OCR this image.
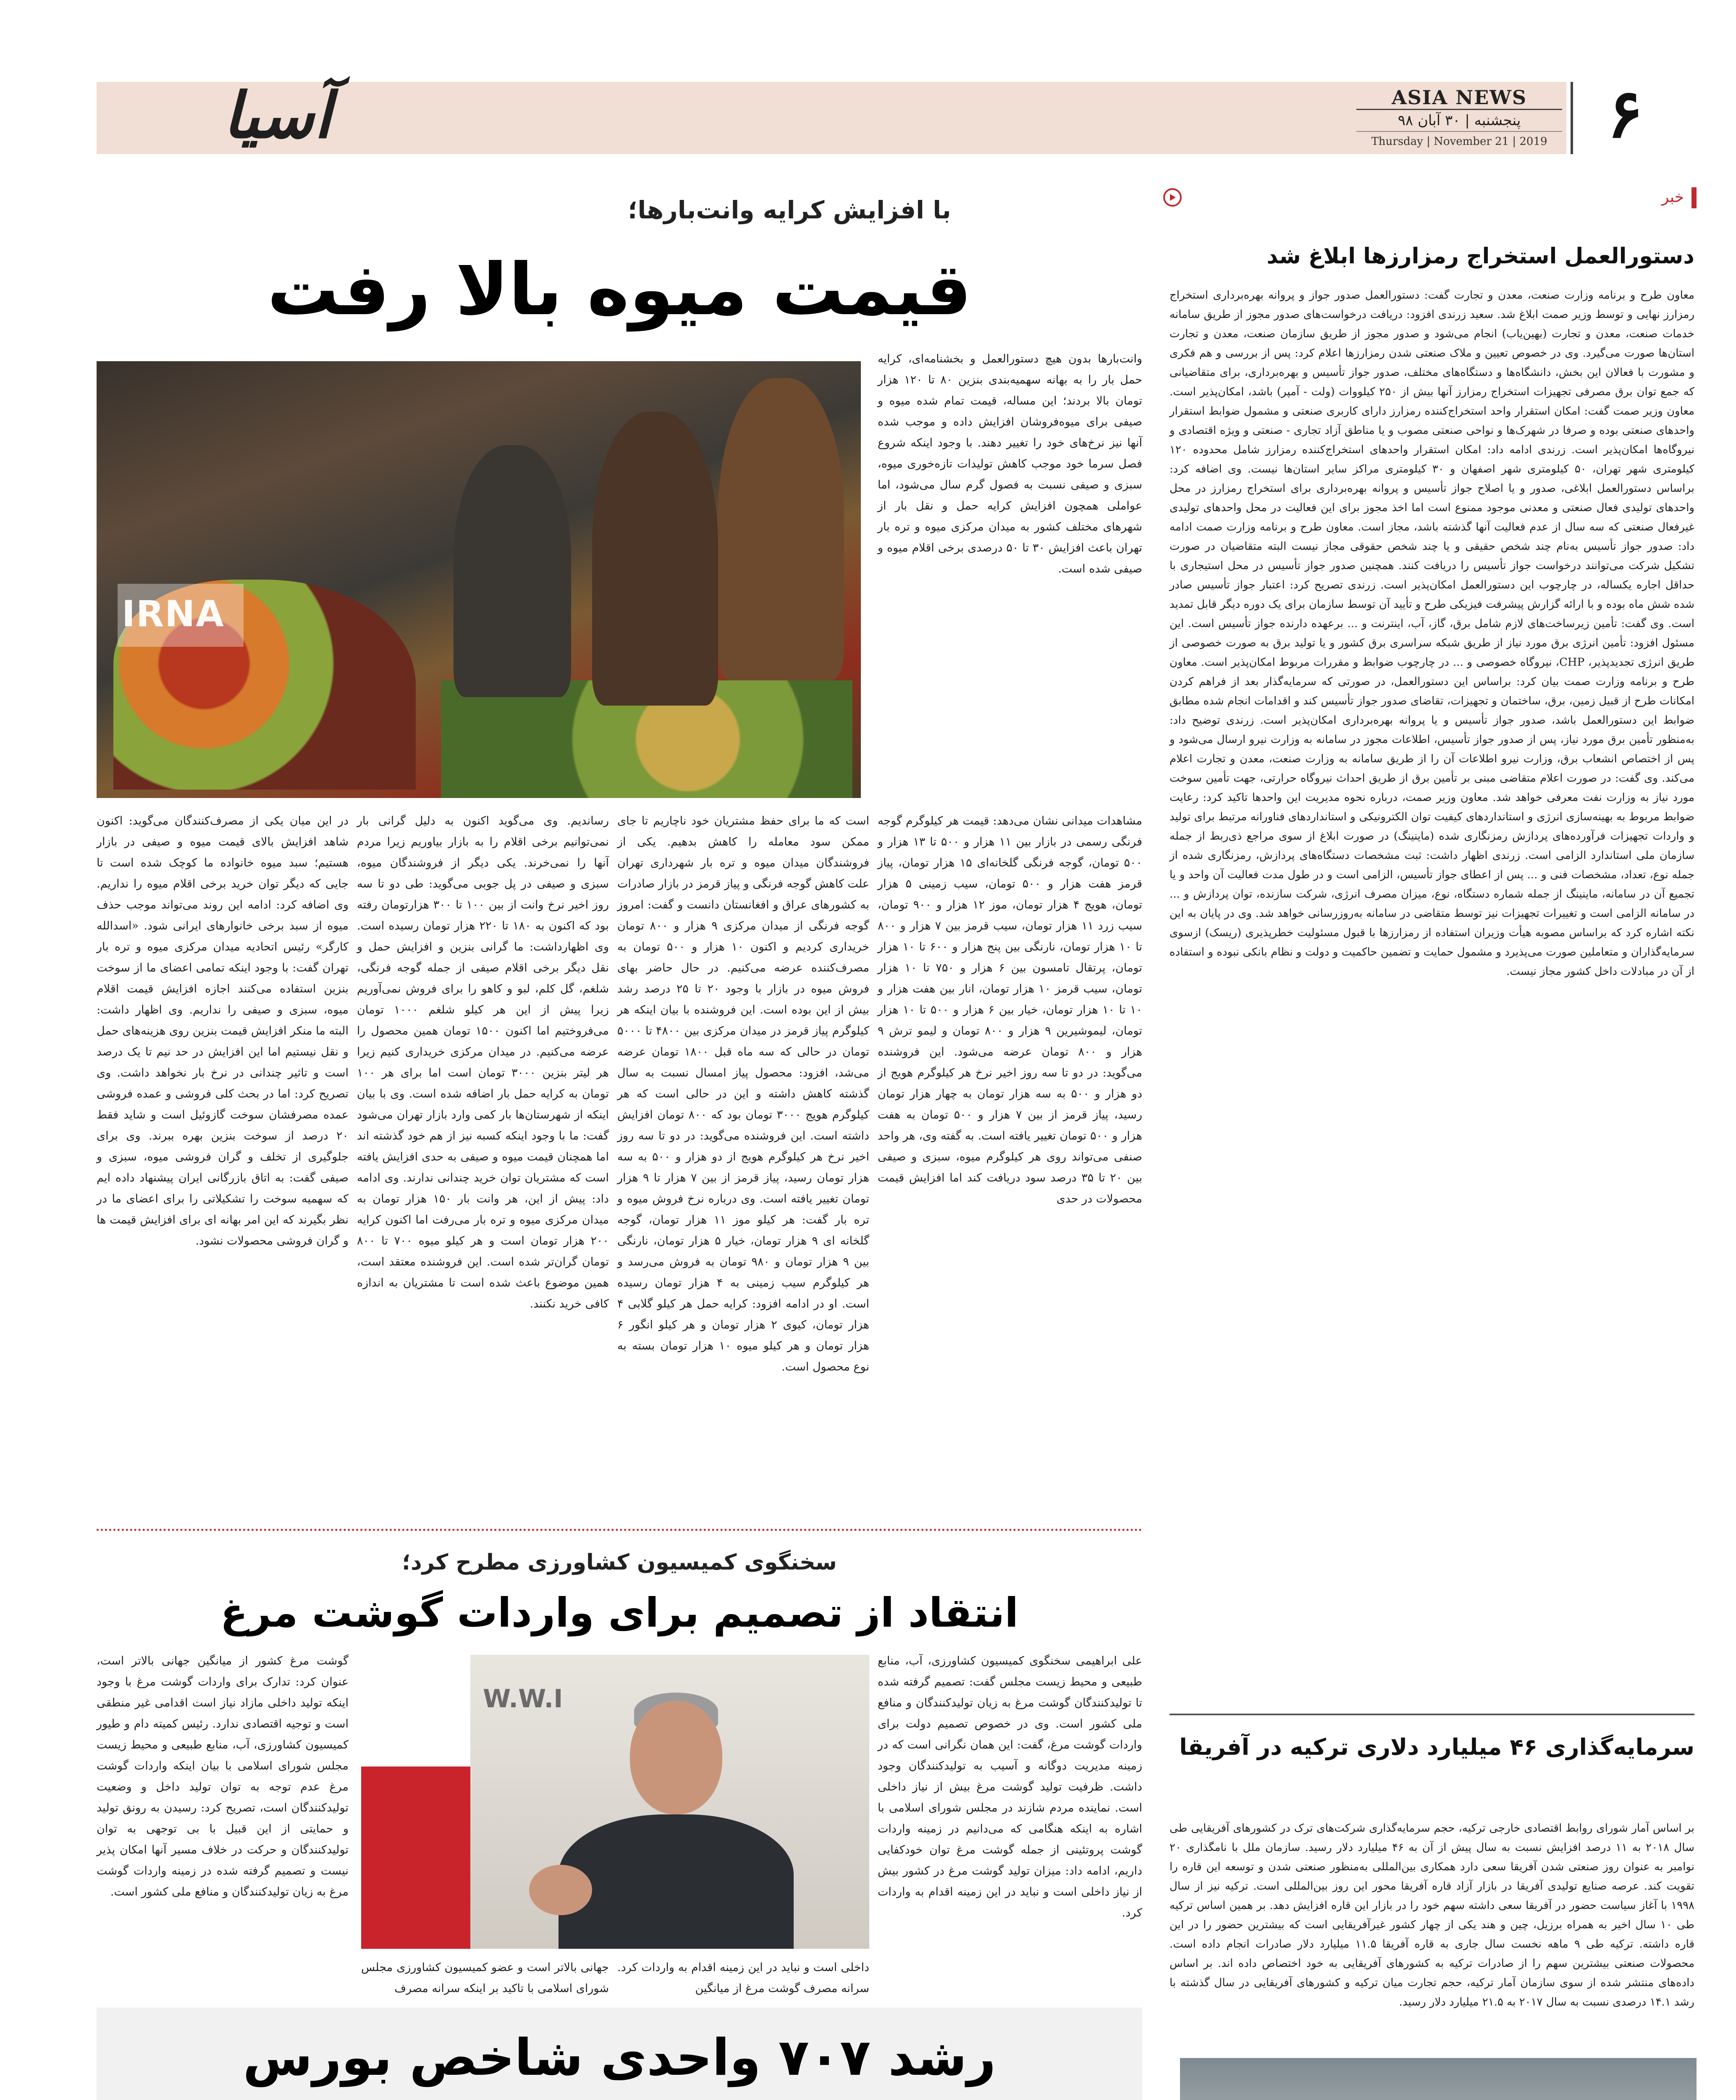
۶
ASIA NEWS
پنجشنبه | ۳۰ آبان ۹۸
Thursday | November 21 | 2019
آسیا
خبر
دستورالعمل استخراج رمزارزها ابلاغ شد
معاون طرح و برنامه وزارت صنعت، معدن و تجارت گفت: دستورالعمل صدور جواز و پروانه بهره‌برداری استخراج رمزارز نهایی و توسط وزیر صمت ابلاغ شد. سعید زرندی افزود: دریافت درخواست‌های صدور مجوز از طریق سامانه خدمات صنعت، معدن و تجارت (بهین‌یاب) انجام می‌شود و صدور مجوز از طریق سازمان صنعت، معدن و تجارت استان‌ها صورت می‌گیرد. وی در خصوص تعیین و ملاک صنعتی شدن رمزارزها اعلام کرد: پس از بررسی و هم فکری و مشورت با فعالان این بخش، دانشگاه‌ها و دستگاه‌های مختلف، صدور جواز تأسیس و بهره‌برداری، برای متقاضیانی که جمع توان برق مصرفی تجهیزات استخراج رمزارز آنها بیش از ۲۵۰ کیلووات (ولت - آمپر) باشد، امکان‌پذیر است. معاون وزیر صمت گفت: امکان استقرار واحد استخراج‌کننده رمزارز دارای کاربری صنعتی و مشمول ضوابط استقرار واحدهای صنعتی بوده و صرفا در شهرک‌ها و نواحی صنعتی مصوب و یا مناطق آزاد تجاری - صنعتی و ویژه اقتصادی و نیروگاه‌ها امکان‌پذیر است. زرندی ادامه داد: امکان استقرار واحدهای استخراج‌کننده رمزارز شامل محدوده ۱۲۰ کیلومتری شهر تهران، ۵۰ کیلومتری شهر اصفهان و ۳۰ کیلومتری مراکز سایر استان‌ها نیست. وی اضافه کرد: براساس دستورالعمل ابلاغی، صدور و یا اصلاح جواز تأسیس و پروانه بهره‌برداری برای استخراج رمزارز در محل واحدهای تولیدی فعال صنعتی و معدنی موجود ممنوع است اما اخذ مجوز برای این فعالیت در محل واحدهای تولیدی غیرفعال صنعتی که سه سال از عدم فعالیت آنها گذشته باشد، مجاز است. معاون طرح و برنامه وزارت صمت ادامه داد: صدور جواز تأسیس به‌نام چند شخص حقیقی و یا چند شخص حقوقی مجاز نیست البته متقاضیان در صورت تشکیل شرکت می‌توانند درخواست جواز تأسیس را دریافت کنند. همچنین صدور جواز تأسیس در محل استیجاری با حداقل اجاره یکساله، در چارچوب این دستورالعمل امکان‌پذیر است. زرندی تصریح کرد: اعتبار جواز تأسیس صادر شده شش ماه بوده و با ارائه گزارش پیشرفت فیزیکی طرح و تأیید آن توسط سازمان برای یک دوره دیگر قابل تمدید است. وی گفت: تأمین زیرساخت‌های لازم شامل برق، گاز، آب، اینترنت و ... برعهده دارنده جواز تأسیس است. این مسئول افزود: تأمین انرژی برق مورد نیاز از طریق شبکه سراسری برق کشور و یا تولید برق به صورت خصوصی از طریق انرژی تجدیدپذیر، CHP، نیروگاه خصوصی و ... در چارچوب ضوابط و مقررات مربوط امکان‌پذیر است. معاون طرح و برنامه وزارت صمت بیان کرد: براساس این دستورالعمل، در صورتی که سرمایه‌گذار بعد از فراهم کردن امکانات طرح از قبیل زمین، برق، ساختمان و تجهیزات، تقاضای صدور جواز تأسیس کند و اقدامات انجام شده مطابق ضوابط این دستورالعمل باشد، صدور جواز تأسیس و یا پروانه بهره‌برداری امکان‌پذیر است. زرندی توضیح داد: به‌منظور تأمین برق مورد نیاز، پس از صدور جواز تأسیس، اطلاعات مجوز در سامانه به وزارت نیرو ارسال می‌شود و پس از اختصاص انشعاب برق، وزارت نیرو اطلاعات آن را از طریق سامانه به وزارت صنعت، معدن و تجارت اعلام می‌کند. وی گفت: در صورت اعلام متقاضی مبنی بر تأمین برق از طریق احداث نیروگاه حرارتی، جهت تأمین سوخت مورد نیاز به وزارت نفت معرفی خواهد شد. معاون وزیر صمت، درباره نحوه مدیریت این واحدها تاکید کرد: رعایت ضوابط مربوط به بهینه‌سازی انرژی و استانداردهای کیفیت توان الکترونیکی و استانداردهای فناورانه مرتبط برای تولید و واردات تجهیزات فرآورده‌های پردازش رمزنگاری شده (ماینینگ) در صورت ابلاغ از سوی مراجع ذی‌ربط از جمله سازمان ملی استاندارد الزامی است. زرندی اظهار داشت: ثبت مشخصات دستگاه‌های پردازش، رمزنگاری شده از جمله نوع، تعداد، مشخصات فنی و ... پس از اعطای جواز تأسیس، الزامی است و در طول مدت فعالیت آن واحد و یا تجمیع آن در سامانه، ماینینگ از جمله شماره دستگاه، نوع، میزان مصرف انرژی، شرکت سازنده، توان پردازش و ... در سامانه الزامی است و تغییرات تجهیزات نیز توسط متقاضی در سامانه به‌روزرسانی خواهد شد. وی در پایان به این نکته اشاره کرد که براساس مصوبه هیأت وزیران استفاده از رمزارزها با قبول مسئولیت خطرپذیری (ریسک) ازسوی سرمایه‌گذاران و متعاملین صورت می‌پذیرد و مشمول حمایت و تضمین حاکمیت و دولت و نظام بانکی نبوده و استفاده از آن در مبادلات داخل کشور مجاز نیست.
سرمایه‌گذاری ۴۶ میلیارد دلاری ترکیه در آفریقا
بر اساس آمار شورای روابط اقتصادی خارجی ترکیه، حجم سرمایه‌گذاری شرکت‌های ترک در کشورهای آفریقایی طی سال ۲۰۱۸ به ۱۱ درصد افزایش نسبت به سال پیش از آن به ۴۶ میلیارد دلار رسید. سازمان ملل با نامگذاری ۲۰ نوامبر به عنوان روز صنعتی شدن آفریقا سعی دارد همکاری بین‌المللی به‌منظور صنعتی شدن و توسعه این قاره را تقویت کند. عرصه صنایع تولیدی آفریقا در بازار آزاد قاره آفریقا محور این روز بین‌المللی است. ترکیه نیز از سال ۱۹۹۸ با آغاز سیاست حضور در آفریقا سعی داشته سهم خود را در بازار این قاره افزایش دهد. بر همین اساس ترکیه طی ۱۰ سال اخیر به همراه برزیل، چین و هند یکی از چهار کشور غیرآفریقایی است که بیشترین حضور را در این قاره داشته. ترکیه طی ۹ ماهه نخست سال جاری به قاره آفریقا ۱۱.۵ میلیارد دلار صادرات انجام داده است. محصولات صنعتی بیشترین سهم را از صادرات ترکیه به کشورهای آفریقایی به خود اختصاص داده اند. بر اساس داده‌های منتشر شده از سوی سازمان آمار ترکیه، حجم تجارت میان ترکیه و کشورهای آفریقایی در سال گذشته با رشد ۱۴.۱ درصدی نسبت به سال ۲۰۱۷ به ۲۱.۵ میلیارد دلار رسید.
با افزایش کرایه وانت‌بارها؛
قیمت میوه بالا رفت
IRNA
وانت‌بارها بدون هیچ دستورالعمل و بخشنامه‌ای، کرایه حمل بار را به بهانه سهمیه‌بندی بنزین ۸۰ تا ۱۲۰ هزار تومان بالا بردند؛ این مساله، قیمت تمام شده میوه و صیفی برای میوه‌فروشان افزایش داده و موجب شده آنها نیز نرخ‌های خود را تغییر دهند. با وجود اینکه شروع فصل سرما خود موجب کاهش تولیدات تازه‌خوری میوه، سبزی و صیفی نسبت به فصول گرم سال می‌شود، اما عواملی همچون افزایش کرایه حمل و نقل بار از شهرهای مختلف کشور به میدان مرکزی میوه و تره بار تهران باعث افزایش ۳۰ تا ۵۰ درصدی برخی اقلام میوه و صیفی شده است.
مشاهدات میدانی نشان می‌دهد: قیمت هر کیلوگرم گوجه فرنگی رسمی در بازار بین ۱۱ هزار و ۵۰۰ تا ۱۳ هزار و ۵۰۰ تومان، گوجه فرنگی گلخانه‌ای ۱۵ هزار تومان، پیاز قرمز هفت هزار و ۵۰۰ تومان، سیب زمینی ۵ هزار تومان، هویج ۴ هزار تومان، موز ۱۲ هزار و ۹۰۰ تومان، سیب زرد ۱۱ هزار تومان، سیب قرمز بین ۷ هزار و ۸۰۰ تا ۱۰ هزار تومان، نارنگی بین پنج هزار و ۶۰۰ تا ۱۰ هزار تومان، پرتقال تامسون بین ۶ هزار و ۷۵۰ تا ۱۰ هزار تومان، سیب قرمز ۱۰ هزار تومان، انار بین هفت هزار و ۱۰ تا ۱۰ هزار تومان، خیار بین ۶ هزار و ۵۰۰ تا ۱۰ هزار تومان، لیموشیرین ۹ هزار و ۸۰۰ تومان و لیمو ترش ۹ هزار و ۸۰۰ تومان عرضه می‌شود. این فروشنده می‌گوید: در دو تا سه روز اخیر نرخ هر کیلوگرم هویج از دو هزار و ۵۰۰ به سه هزار تومان به چهار هزار تومان رسید، پیاز قرمز از بین ۷ هزار و ۵۰۰ تومان به هفت هزار و ۵۰۰ تومان تغییر یافته است. به گفته وی، هر واحد صنفی می‌تواند روی هر کیلوگرم میوه، سبزی و صیفی بین ۲۰ تا ۳۵ درصد سود دریافت کند اما افزایش قیمت محصولات در حدی
است که ما برای حفظ مشتریان خود ناچاریم تا جای ممکن سود معامله را کاهش بدهیم. یکی از فروشندگان میدان میوه و تره بار شهرداری تهران علت کاهش گوجه فرنگی و پیاز قرمز در بازار صادرات به کشورهای عراق و افغانستان دانست و گفت: امروز گوجه فرنگی از میدان مرکزی ۹ هزار و ۸۰۰ تومان خریداری کردیم و اکنون ۱۰ هزار و ۵۰۰ تومان به مصرف‌کننده عرضه می‌کنیم. در حال حاضر بهای فروش میوه در بازار با وجود ۲۰ تا ۲۵ درصد رشد بیش از این بوده است. این فروشنده با بیان اینکه هر کیلوگرم پیاز قرمز در میدان مرکزی بین ۴۸۰۰ تا ۵۰۰۰ تومان در حالی که سه ماه قبل ۱۸۰۰ تومان عرضه می‌شد، افزود: محصول پیاز امسال نسبت به سال گذشته کاهش داشته و این در حالی است که هر کیلوگرم هویج ۳۰۰۰ تومان بود که ۸۰۰ تومان افزایش داشته است. این فروشنده می‌گوید: در دو تا سه روز اخیر نرخ هر کیلوگرم هویج از دو هزار و ۵۰۰ به سه هزار تومان رسید، پیاز قرمز از بین ۷ هزار تا ۹ هزار تومان تغییر یافته است. وی درباره نرخ فروش میوه و تره بار گفت: هر کیلو موز ۱۱ هزار تومان، گوجه گلخانه ای ۹ هزار تومان، خیار ۵ هزار تومان، نارنگی بین ۹ هزار تومان و ۹۸۰ تومان به فروش می‌رسد و هر کیلوگرم سیب زمینی به ۴ هزار تومان رسیده است. او در ادامه افزود: کرایه حمل هر کیلو گلابی ۴ هزار تومان، کیوی ۲ هزار تومان و هر کیلو انگور ۶ هزار تومان و هر کیلو میوه ۱۰ هزار تومان بسته به نوع محصول است.
رساندیم. وی می‌گوید اکنون به دلیل گرانی بار نمی‌توانیم برخی اقلام را به بازار بیاوریم زیرا مردم آنها را نمی‌خرند. یکی دیگر از فروشندگان میوه، سبزی و صیفی در پل جوبی می‌گوید: طی دو تا سه روز اخیر نرخ وانت از بین ۱۰۰ تا ۳۰۰ هزارتومان رفته بود که اکنون به ۱۸۰ تا ۲۲۰ هزار تومان رسیده است. وی اظهارداشت: ما گرانی بنزین و افزایش حمل و نقل دیگر برخی اقلام صیفی از جمله گوجه فرنگی، شلغم، گل کلم، لبو و کاهو را برای فروش نمی‌آوریم زیرا پیش از این هر کیلو شلغم ۱۰۰۰ تومان می‌فروختیم اما اکنون ۱۵۰۰ تومان همین محصول را عرضه می‌کنیم. در میدان مرکزی خریداری کنیم زیرا هر لیتر بنزین ۳۰۰۰ تومان است اما برای هر ۱۰۰ تومان به کرایه حمل بار اضافه شده است. وی با بیان اینکه از شهرستان‌ها بار کمی وارد بازار تهران می‌شود گفت: ما با وجود اینکه کسبه نیز از هم خود گذشته اند اما همچنان قیمت میوه و صیفی به حدی افزایش یافته است که مشتریان توان خرید چندانی ندارند. وی ادامه داد: پیش از این، هر وانت بار ۱۵۰ هزار تومان به میدان مرکزی میوه و تره بار می‌رفت اما اکنون کرایه ۲۰۰ هزار تومان است و هر کیلو میوه ۷۰۰ تا ۸۰۰ تومان گران‌تر شده است. این فروشنده معتقد است، همین موضوع باعث شده است تا مشتریان به اندازه کافی خرید نکنند.
در این میان یکی از مصرف‌کنندگان می‌گوید: اکنون شاهد افزایش بالای قیمت میوه و صیفی در بازار هستیم؛ سبد میوه خانواده ما کوچک شده است تا جایی که دیگر توان خرید برخی اقلام میوه را نداریم. وی اضافه کرد: ادامه این روند می‌تواند موجب حذف میوه از سبد برخی خانوارهای ایرانی شود. «اسدالله کارگر» رئیس اتحادیه میدان مرکزی میوه و تره بار تهران گفت: با وجود اینکه تمامی اعضای ما از سوخت بنزین استفاده می‌کنند اجازه افزایش قیمت اقلام میوه، سبزی و صیفی را نداریم. وی اظهار داشت: البته ما منکر افزایش قیمت بنزین روی هزینه‌های حمل و نقل نیستیم اما این افزایش در حد نیم تا یک درصد است و تاثیر چندانی در نرخ بار نخواهد داشت. وی تصریح کرد: اما در بحث کلی فروشی و عمده فروشی عمده مصرفشان سوخت گازوئیل است و شاید فقط ۲۰ درصد از سوخت بنزین بهره ببرند. وی برای جلوگیری از تخلف و گران فروشی میوه، سبزی و صیفی گفت: به اتاق بازرگانی ایران پیشنهاد داده ایم که سهمیه سوخت را تشکیلاتی را برای اعضای ما در نظر بگیرند که این امر بهانه ای برای افزایش قیمت ها و گران فروشی محصولات نشود.
سخنگوی کمیسیون کشاورزی مطرح کرد؛
انتقاد از تصمیم برای واردات گوشت مرغ
W.W.I
علی ابراهیمی سخنگوی کمیسیون کشاورزی، آب، منابع طبیعی و محیط زیست مجلس گفت: تصمیم گرفته شده تا تولیدکنندگان گوشت مرغ به زیان تولیدکنندگان و منافع ملی کشور است. وی در خصوص تصمیم دولت برای واردات گوشت مرغ، گفت: این همان نگرانی است که در زمینه مدیریت دوگانه و آسیب به تولیدکنندگان وجود داشت. ظرفیت تولید گوشت مرغ بیش از نیاز داخلی است. نماینده مردم شازند در مجلس شورای اسلامی با اشاره به اینکه هنگامی که می‌دانیم در زمینه واردات گوشت پروتئینی از جمله گوشت مرغ توان خودکفایی داریم، ادامه داد: میزان تولید گوشت مرغ در کشور بیش از نیاز داخلی است و نباید در این زمینه اقدام به واردات کرد.
داخلی است و نباید در این زمینه اقدام به واردات کرد. سرانه مصرف گوشت مرغ از میانگین
جهانی بالاتر است و عضو کمیسیون کشاورزی مجلس شورای اسلامی با تاکید بر اینکه سرانه مصرف
گوشت مرغ کشور از میانگین جهانی بالاتر است، عنوان کرد: تدارک برای واردات گوشت مرغ با وجود اینکه تولید داخلی مازاد نیاز است اقدامی غیر منطقی است و توجیه اقتصادی ندارد. رئیس کمیته دام و طیور کمیسیون کشاورزی، آب، منابع طبیعی و محیط زیست مجلس شورای اسلامی با بیان اینکه واردات گوشت مرغ عدم توجه به توان تولید داخل و وضعیت تولیدکنندگان است، تصریح کرد: رسیدن به رونق تولید و حمایتی از این قبیل با بی توجهی به توان تولیدکنندگان و حرکت در خلاف مسیر آنها امکان پذیر نیست و تصمیم گرفته شده در زمینه واردات گوشت مرغ به زیان تولیدکنندگان و منافع ملی کشور است.
رشد ۷۰۷ واحدی شاخص بورس
